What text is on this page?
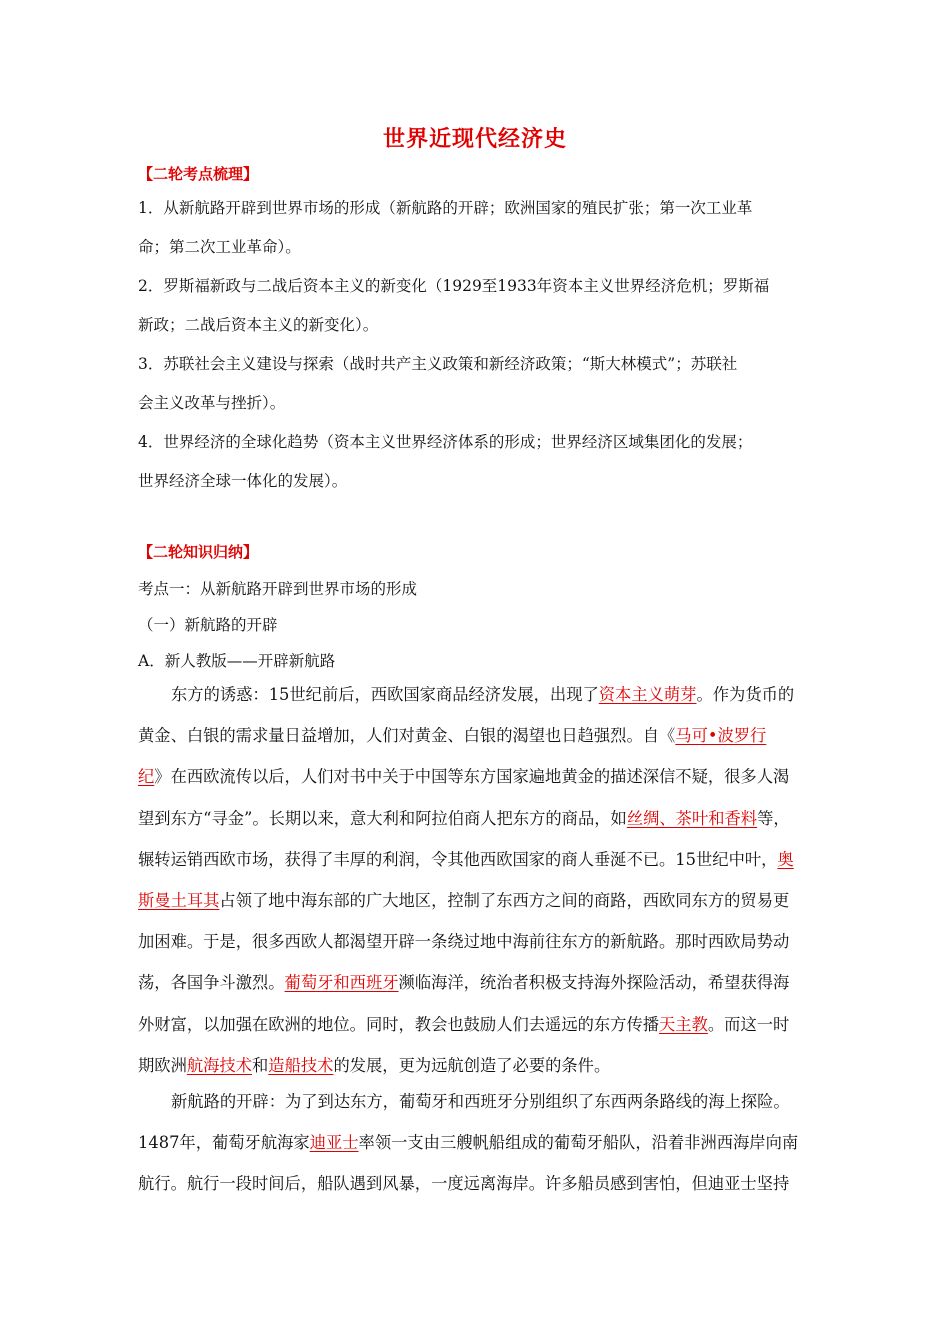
世界近现代经济史
【二轮考点梳理】
1．从新航路开辟到世界市场的形成（新航路的开辟；欧洲国家的殖民扩张；第一次工业革
命；第二次工业革命）。
2．罗斯福新政与二战后资本主义的新变化（1929至1933年资本主义世界经济危机；罗斯福
新政；二战后资本主义的新变化）。
3．苏联社会主义建设与探索（战时共产主义政策和新经济政策；“斯大林模式”；苏联社
会主义改革与挫折）。
4．世界经济的全球化趋势（资本主义世界经济体系的形成；世界经济区域集团化的发展；
世界经济全球一体化的发展）。
【二轮知识归纳】
考点一：从新航路开辟到世界市场的形成
（一）新航路的开辟
A．新人教版——开辟新航路
东方的诱惑：15世纪前后，西欧国家商品经济发展，出现了资本主义萌芽。作为货币的
黄金、白银的需求量日益增加，人们对黄金、白银的渴望也日趋强烈。自《马可•波罗行
纪》在西欧流传以后，人们对书中关于中国等东方国家遍地黄金的描述深信不疑，很多人渴
望到东方“寻金”。长期以来，意大利和阿拉伯商人把东方的商品，如丝绸、茶叶和香料等，
辗转运销西欧市场，获得了丰厚的利润，令其他西欧国家的商人垂涎不已。15世纪中叶，奥
斯曼土耳其占领了地中海东部的广大地区，控制了东西方之间的商路，西欧同东方的贸易更
加困难。于是，很多西欧人都渴望开辟一条绕过地中海前往东方的新航路。那时西欧局势动
荡，各国争斗激烈。葡萄牙和西班牙濒临海洋，统治者积极支持海外探险活动，希望获得海
外财富，以加强在欧洲的地位。同时，教会也鼓励人们去遥远的东方传播天主教。而这一时
期欧洲航海技术和造船技术的发展，更为远航创造了必要的条件。
新航路的开辟：为了到达东方，葡萄牙和西班牙分别组织了东西两条路线的海上探险。
1487年，葡萄牙航海家迪亚士率领一支由三艘帆船组成的葡萄牙船队，沿着非洲西海岸向南
航行。航行一段时间后，船队遇到风暴，一度远离海岸。许多船员感到害怕，但迪亚士坚持
